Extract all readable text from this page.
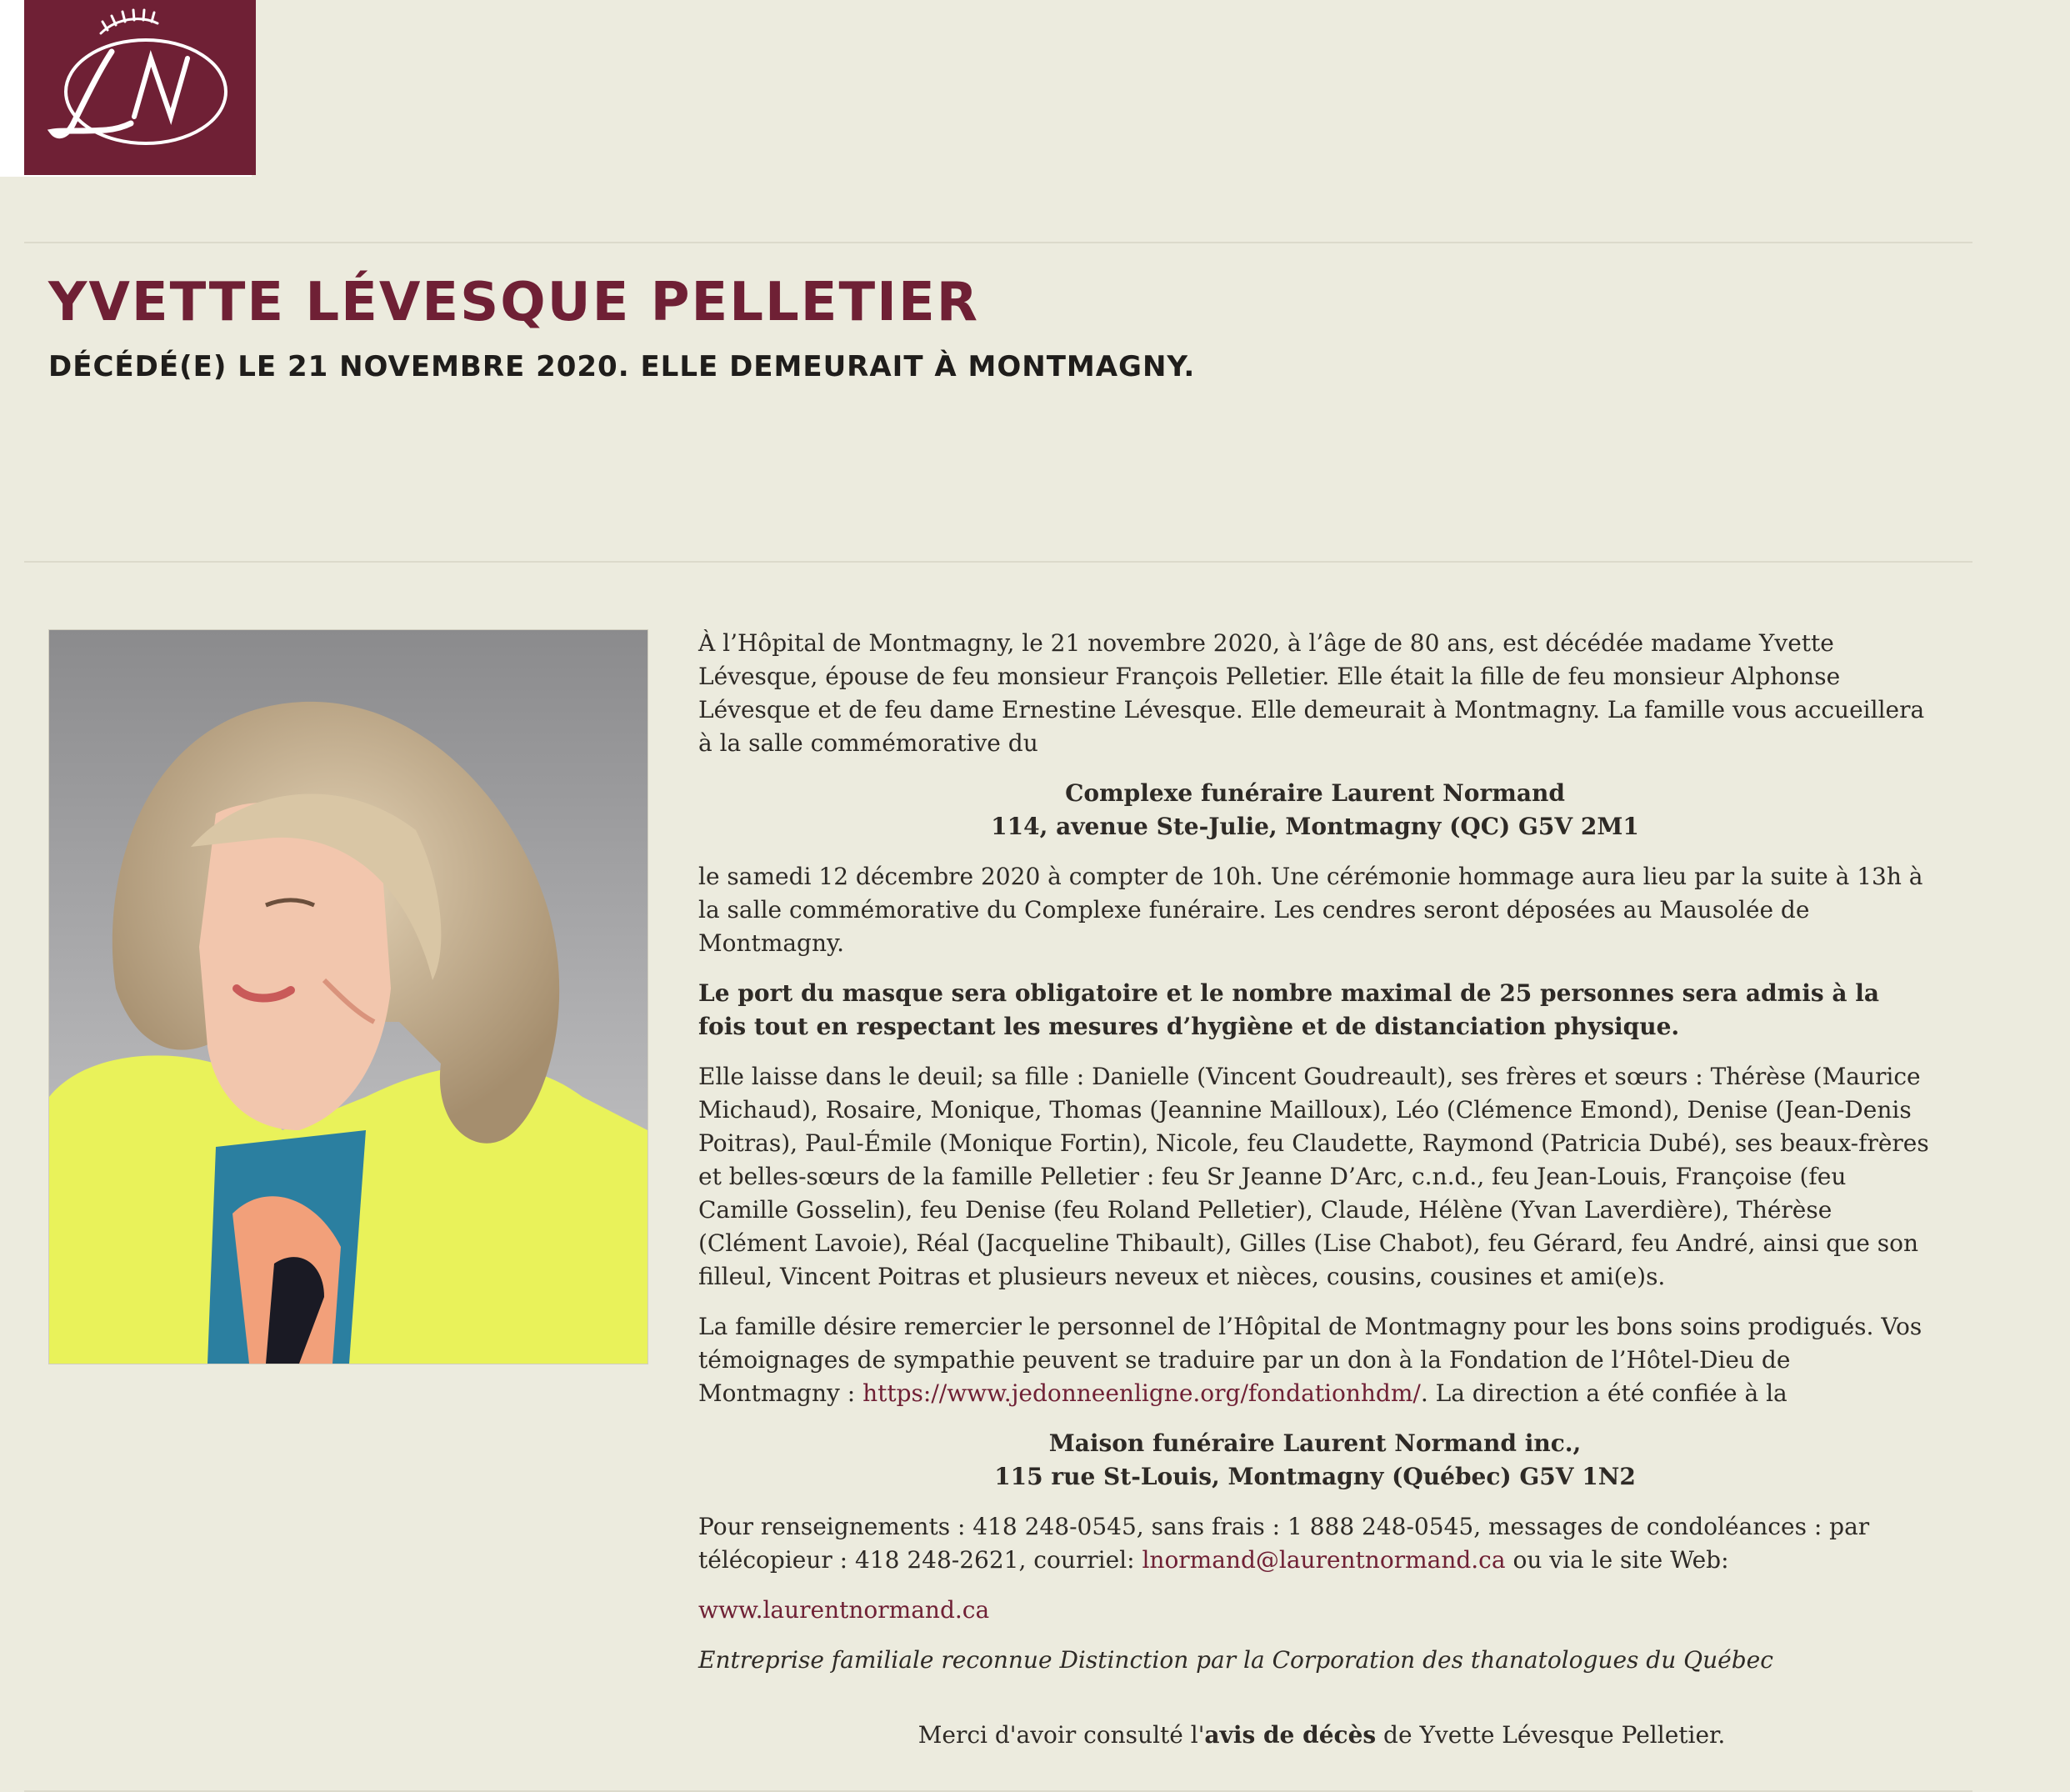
YVETTE LÉVESQUE PELLETIER
DÉCÉDÉ(E) LE 21 NOVEMBRE 2020. ELLE DEMEURAIT À MONTMAGNY.

À l’Hôpital de Montmagny, le 21 novembre 2020, à l’âge de 80 ans, est décédée madame Yvette Lévesque, épouse de feu monsieur François Pelletier. Elle était la fille de feu monsieur Alphonse Lévesque et de feu dame Ernestine Lévesque. Elle demeurait à Montmagny. La famille vous accueillera à la salle commémorative du

Complexe funéraire Laurent Normand
114, avenue Ste-Julie, Montmagny (QC) G5V 2M1

le samedi 12 décembre 2020 à compter de 10h. Une cérémonie hommage aura lieu par la suite à 13h à la salle commémorative du Complexe funéraire. Les cendres seront déposées au Mausolée de Montmagny.

Le port du masque sera obligatoire et le nombre maximal de 25 personnes sera admis à la fois tout en respectant les mesures d’hygiène et de distanciation physique.

Elle laisse dans le deuil; sa fille : Danielle (Vincent Goudreault), ses frères et sœurs : Thérèse (Maurice Michaud), Rosaire, Monique, Thomas (Jeannine Mailloux), Léo (Clémence Emond), Denise (Jean-Denis Poitras), Paul-Émile (Monique Fortin), Nicole, feu Claudette, Raymond (Patricia Dubé), ses beaux-frères et belles-sœurs de la famille Pelletier : feu Sr Jeanne D’Arc, c.n.d., feu Jean-Louis, Françoise (feu Camille Gosselin), feu Denise (feu Roland Pelletier), Claude, Hélène (Yvan Laverdière), Thérèse (Clément Lavoie), Réal (Jacqueline Thibault), Gilles (Lise Chabot), feu Gérard, feu André, ainsi que son filleul, Vincent Poitras et plusieurs neveux et nièces, cousins, cousines et ami(e)s.

La famille désire remercier le personnel de l’Hôpital de Montmagny pour les bons soins prodigués. Vos témoignages de sympathie peuvent se traduire par un don à la Fondation de l’Hôtel-Dieu de Montmagny : https://www.jedonneenligne.org/fondationhdm/. La direction a été confiée à la

Maison funéraire Laurent Normand inc.,
115 rue St-Louis, Montmagny (Québec) G5V 1N2

Pour renseignements : 418 248-0545, sans frais : 1 888 248-0545, messages de condoléances : par télécopieur : 418 248-2621, courriel: lnormand@laurentnormand.ca ou via le site Web:

www.laurentnormand.ca

Entreprise familiale reconnue Distinction par la Corporation des thanatologues du Québec

Merci d'avoir consulté l'avis de décès de Yvette Lévesque Pelletier.
